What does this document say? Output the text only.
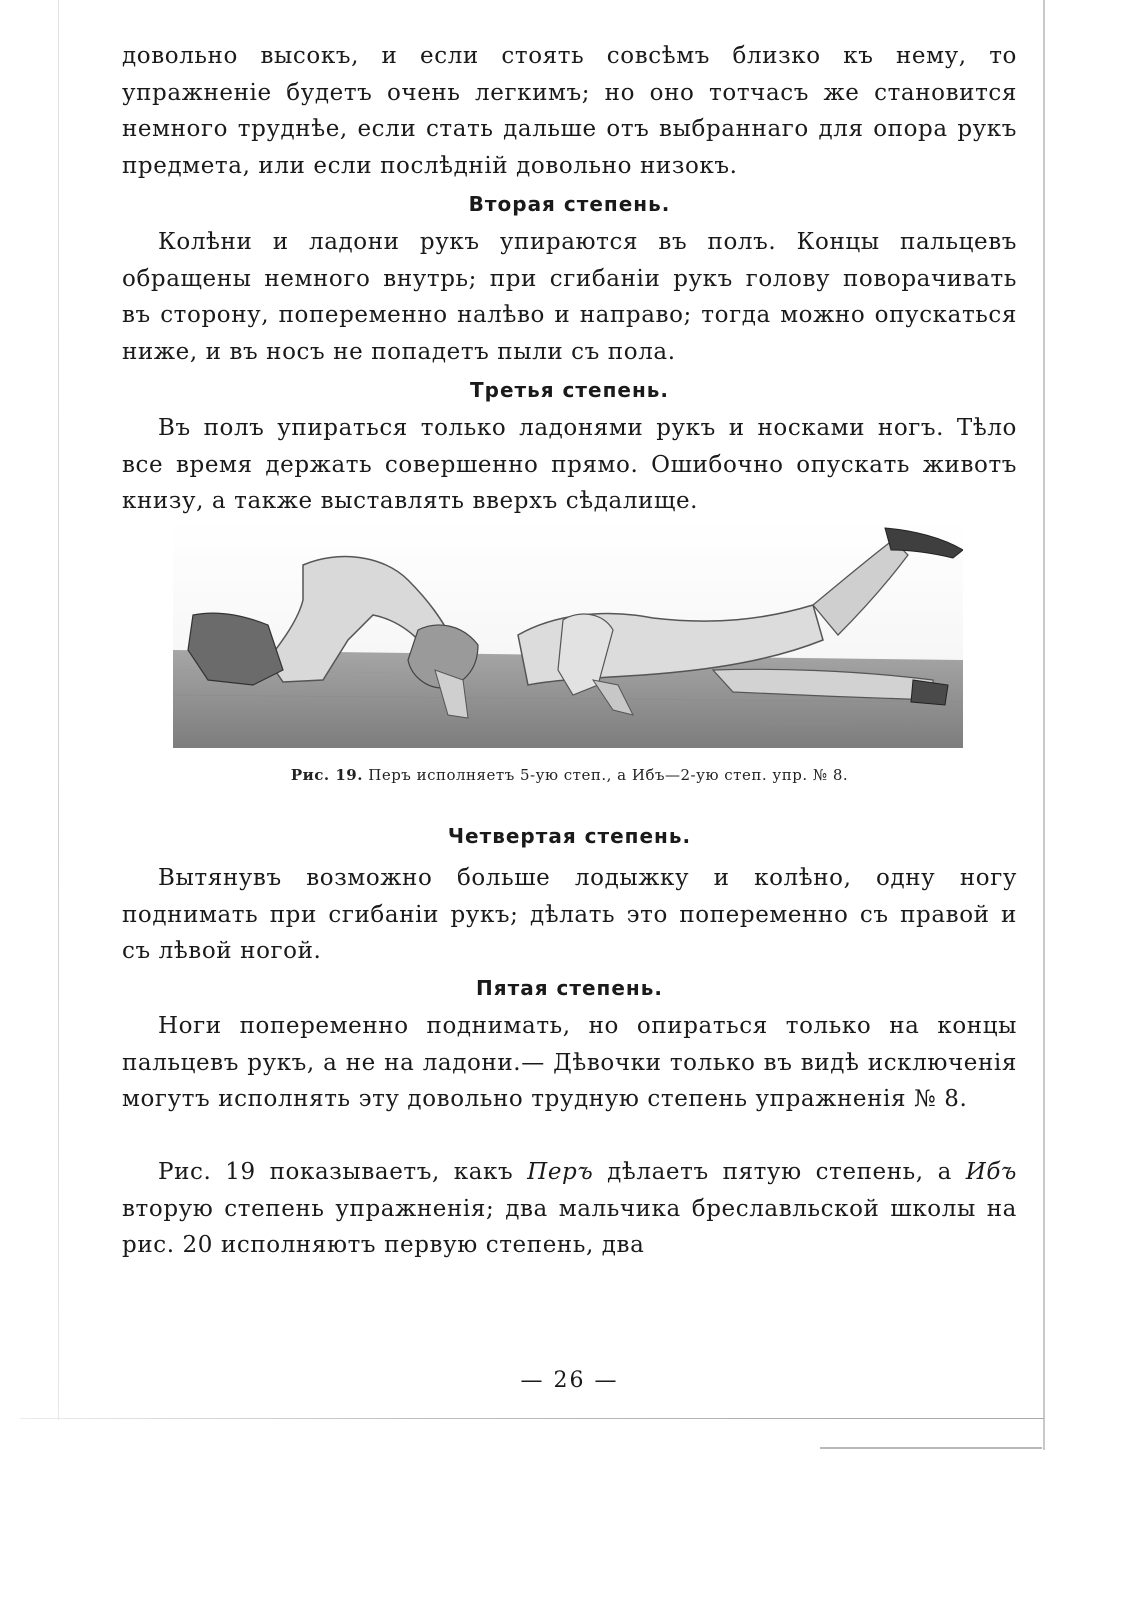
довольно высокъ, и если стоять совсѣмъ близко къ нему, то упражненіе будетъ очень легкимъ; но оно тотчасъ же становится немного труднѣе, если стать дальше отъ выбраннаго для опора рукъ предмета, или если послѣдній довольно низокъ.

Вторая степень.

Колѣни и ладони рукъ упираются въ полъ. Концы пальцевъ обращены немного внутрь; при сгибаніи рукъ голову поворачивать въ сторону, попеременно налѣво и направо; тогда можно опускаться ниже, и въ носъ не попадетъ пыли съ пола.

Третья степень.

Въ полъ упираться только ладонями рукъ и носками ногъ. Тѣло все время держать совершенно прямо. Ошибочно опускать животъ книзу, а также выставлять вверхъ сѣдалище.

Рис. 19. Перъ исполняетъ 5-ую степ., а Ибъ—2-ую степ. упр. № 8.

Четвертая степень.

Вытянувъ возможно больше лодыжку и колѣно, одну ногу поднимать при сгибаніи рукъ; дѣлать это попеременно съ правой и съ лѣвой ногой.

Пятая степень.

Ноги попеременно поднимать, но опираться только на концы пальцевъ рукъ, а не на ладони.— Дѣвочки только въ видѣ исключенія могутъ исполнять эту довольно трудную степень упражненія № 8.

Рис. 19 показываетъ, какъ Перъ дѣлаетъ пятую степень, а Ибъ вторую степень упражненія; два мальчика бреславльской школы на рис. 20 исполняютъ первую степень, два

— 26 —
